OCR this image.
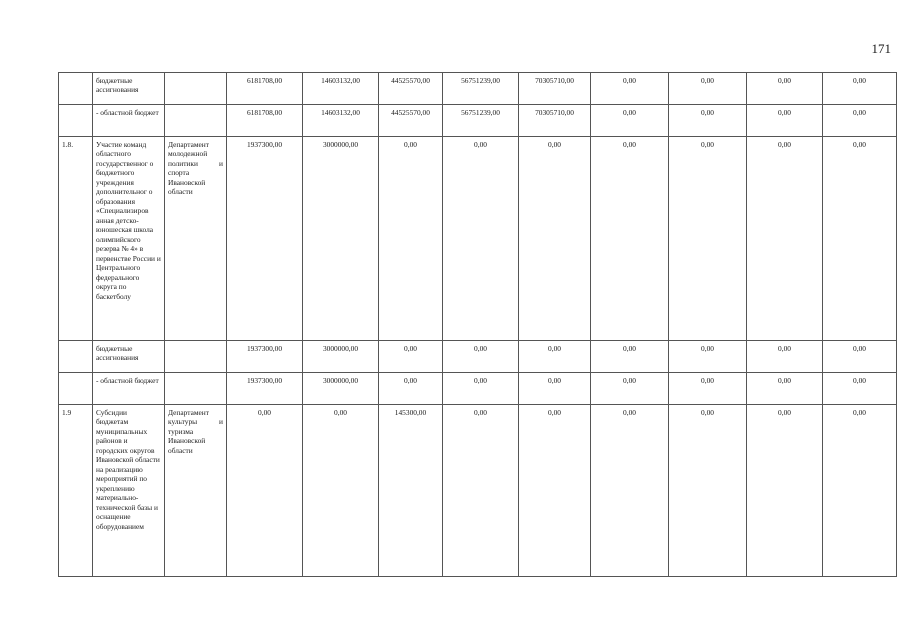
171
	бюджетные ассигнования		6181708,00	14603132,00	44525570,00	56751239,00	70305710,00	0,00	0,00	0,00	0,00
	- областной бюджет		6181708,00	14603132,00	44525570,00	56751239,00	70305710,00	0,00	0,00	0,00	0,00
1.8.	Участие команд областного государственног о бюджетного учреждения дополнительног о образования «Специализиров анная детско-юношеская школа олимпийского резерва № 4» в первенстве России и Центрального федерального округа по баскетболу	Департамент молодежной политики и спорта Ивановской области	1937300,00	3000000,00	0,00	0,00	0,00	0,00	0,00	0,00	0,00
	бюджетные ассигнования		1937300,00	3000000,00	0,00	0,00	0,00	0,00	0,00	0,00	0,00
	- областной бюджет		1937300,00	3000000,00	0,00	0,00	0,00	0,00	0,00	0,00	0,00
1.9	Субсидии бюджетам муниципальных районов и городских округов Ивановской области на реализацию мероприятий по укреплению материально-технической базы и оснащение оборудованием	Департамент культуры и туризма Ивановской области	0,00	0,00	145300,00	0,00	0,00	0,00	0,00	0,00	0,00
